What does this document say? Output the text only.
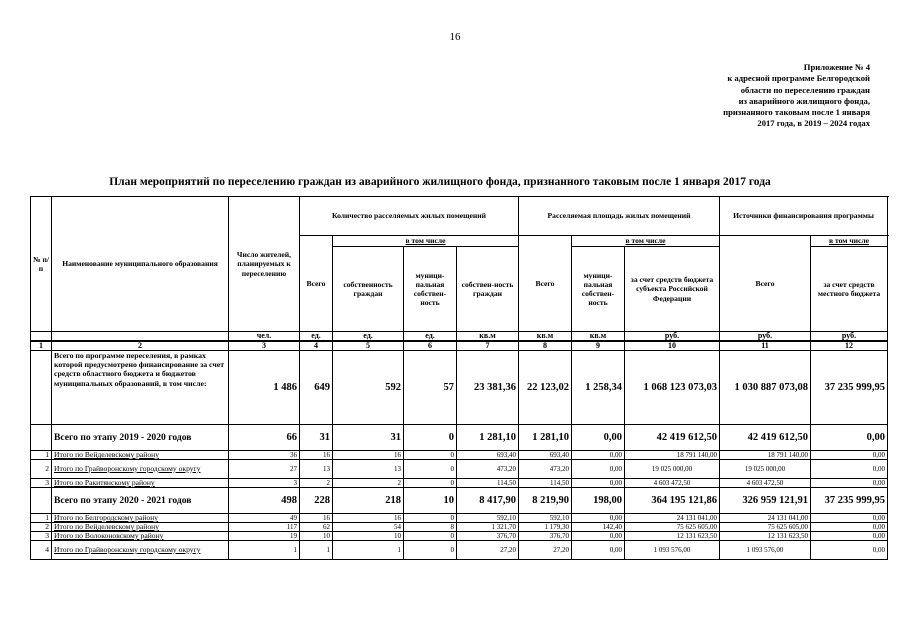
16
Приложение № 4
к адресной программе Белгородской
области по переселению граждан
из аварийного жилищного фонда,
признанного таковым после 1 января
2017 года, в 2019 – 2024 годах
План мероприятий по переселению граждан из аварийного жилищного фонда, признанного таковым после 1 января 2017 года
№ п/п	Наименование муниципального образования	Число жителей, планируемых к переселению	Количество расселяемых жилых помещений				Расселяемая площадь жилых помещений			Источники финансирования программы	
			Всего	в том числе			Всего	в том числе		Всего	в том числе
				собственность граждан	муници-пальная собствен-ность	собствен-ность граждан		муници-пальная собствен-ность	за счет средств бюджета субъекта Российской Федерации		за счет средств местного бюджета
		чел.	ед.	ед.	ед.	кв.м	кв.м	кв.м	руб.	руб.	руб.
1	2	3	4	5	6	7	8	9	10	11	12
	Всего по программе переселения, в рамках которой предусмотрено финансирование за счет средств областного бюджета и бюджетов муниципальных образований, в том числе:	1 486	649	592	57	23 381,36	22 123,02	1 258,34	1 068 123 073,03	1 030 887 073,08	37 235 999,95
	Всего по этапу 2019 - 2020 годов	66	31	31	0	1 281,10	1 281,10	0,00	42 419 612,50	42 419 612,50	0,00
1	Итого по Вейделевскому району	36	16	16	0	693,40	693,40	0,00	18 791 140,00	18 791 140,00	0,00
2	Итого по Грайворонскому городскому округу	27	13	13	0	473,20	473,20	0,00	19 025 000,00	19 025 000,00	0,00
3	Итого по Ракитянскому району	3	2	2	0	114,50	114,50	0,00	4 603 472,50	4 603 472,50	0,00
	Всего по этапу 2020 - 2021 годов	498	228	218	10	8 417,90	8 219,90	198,00	364 195 121,86	326 959 121,91	37 235 999,95
1	Итого по Белгородскому району	49	16	16	0	592,10	592,10	0,00	24 131 041,00	24 131 041,00	0,00
2	Итого по Вейделевскому району	117	62	54	8	1 321,70	1 179,30	142,40	75 625 605,00	75 625 605,00	0,00
3	Итого по Волоконовскому району	19	10	10	0	376,70	376,70	0,00	12 131 623,50	12 131 623,50	0,00
4	Итого по Грайворонскому городскому округу	1	1	1	0	27,20	27,20	0,00	1 093 576,00	1 093 576,00	0,00
